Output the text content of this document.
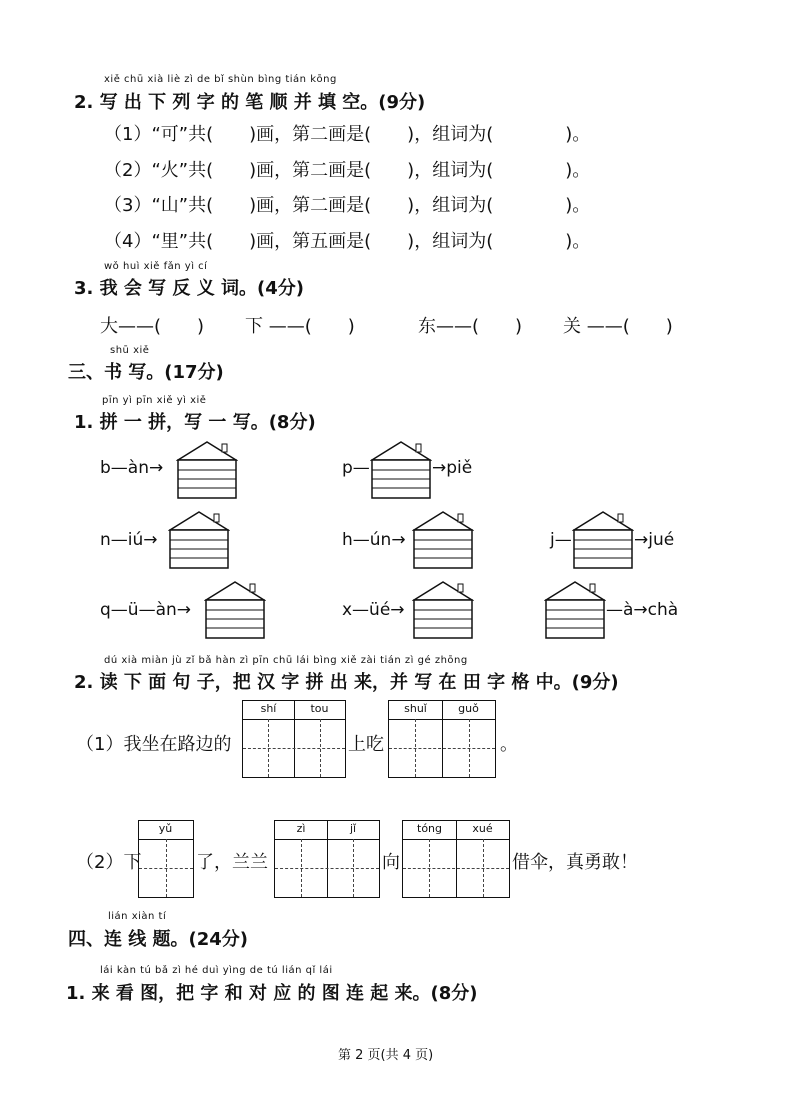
xiě chū xià liè zì de bǐ shùn bìng tián kōng
2. 写 出 下 列 字 的 笔 顺 并 填 空。(9分)
（1）“可”共(　　)画，第二画是(　　)，组词为(　　　　)。
（2）“火”共(　　)画，第二画是(　　)，组词为(　　　　)。
（3）“山”共(　　)画，第二画是(　　)，组词为(　　　　)。
（4）“里”共(　　)画，第五画是(　　)，组词为(　　　　)。
wǒ huì xiě fǎn yì cí
3. 我 会 写 反 义 词。(4分)
大——(　　) 下 ——(　　)	东——(　　) 关 ——(　　)
shū xiě
三、书 写。(17分)
pīn yì pīn xiě yì xiě
1. 拼 一 拼，写 一 写。(8分)
b—àn→	p—	→piě
n—iú→	h—ún→	j—	→jué
q—ü—àn→	x—üé→	—à→chà
dú xià miàn jù zǐ bǎ hàn zì pīn chū lái bìng xiě zài tián zì gé zhōng
2. 读 下 面 句 子，把 汉 字 拼 出 来，并 写 在 田 字 格 中。(9分)
（1）我坐在路边的
shí	tou
上吃
shuǐ	guǒ
。
（2）下
yǔ
了，兰兰
zì	jǐ
向
tóng	xué
借伞，真勇敢！
lián xiàn tí
四、连 线 题。(24分)
lái kàn tú bǎ zì hé duì yìng de tú lián qǐ lái
1. 来 看 图，把 字 和 对 应 的 图 连 起 来。(8分)
第 2 页(共 4 页)
